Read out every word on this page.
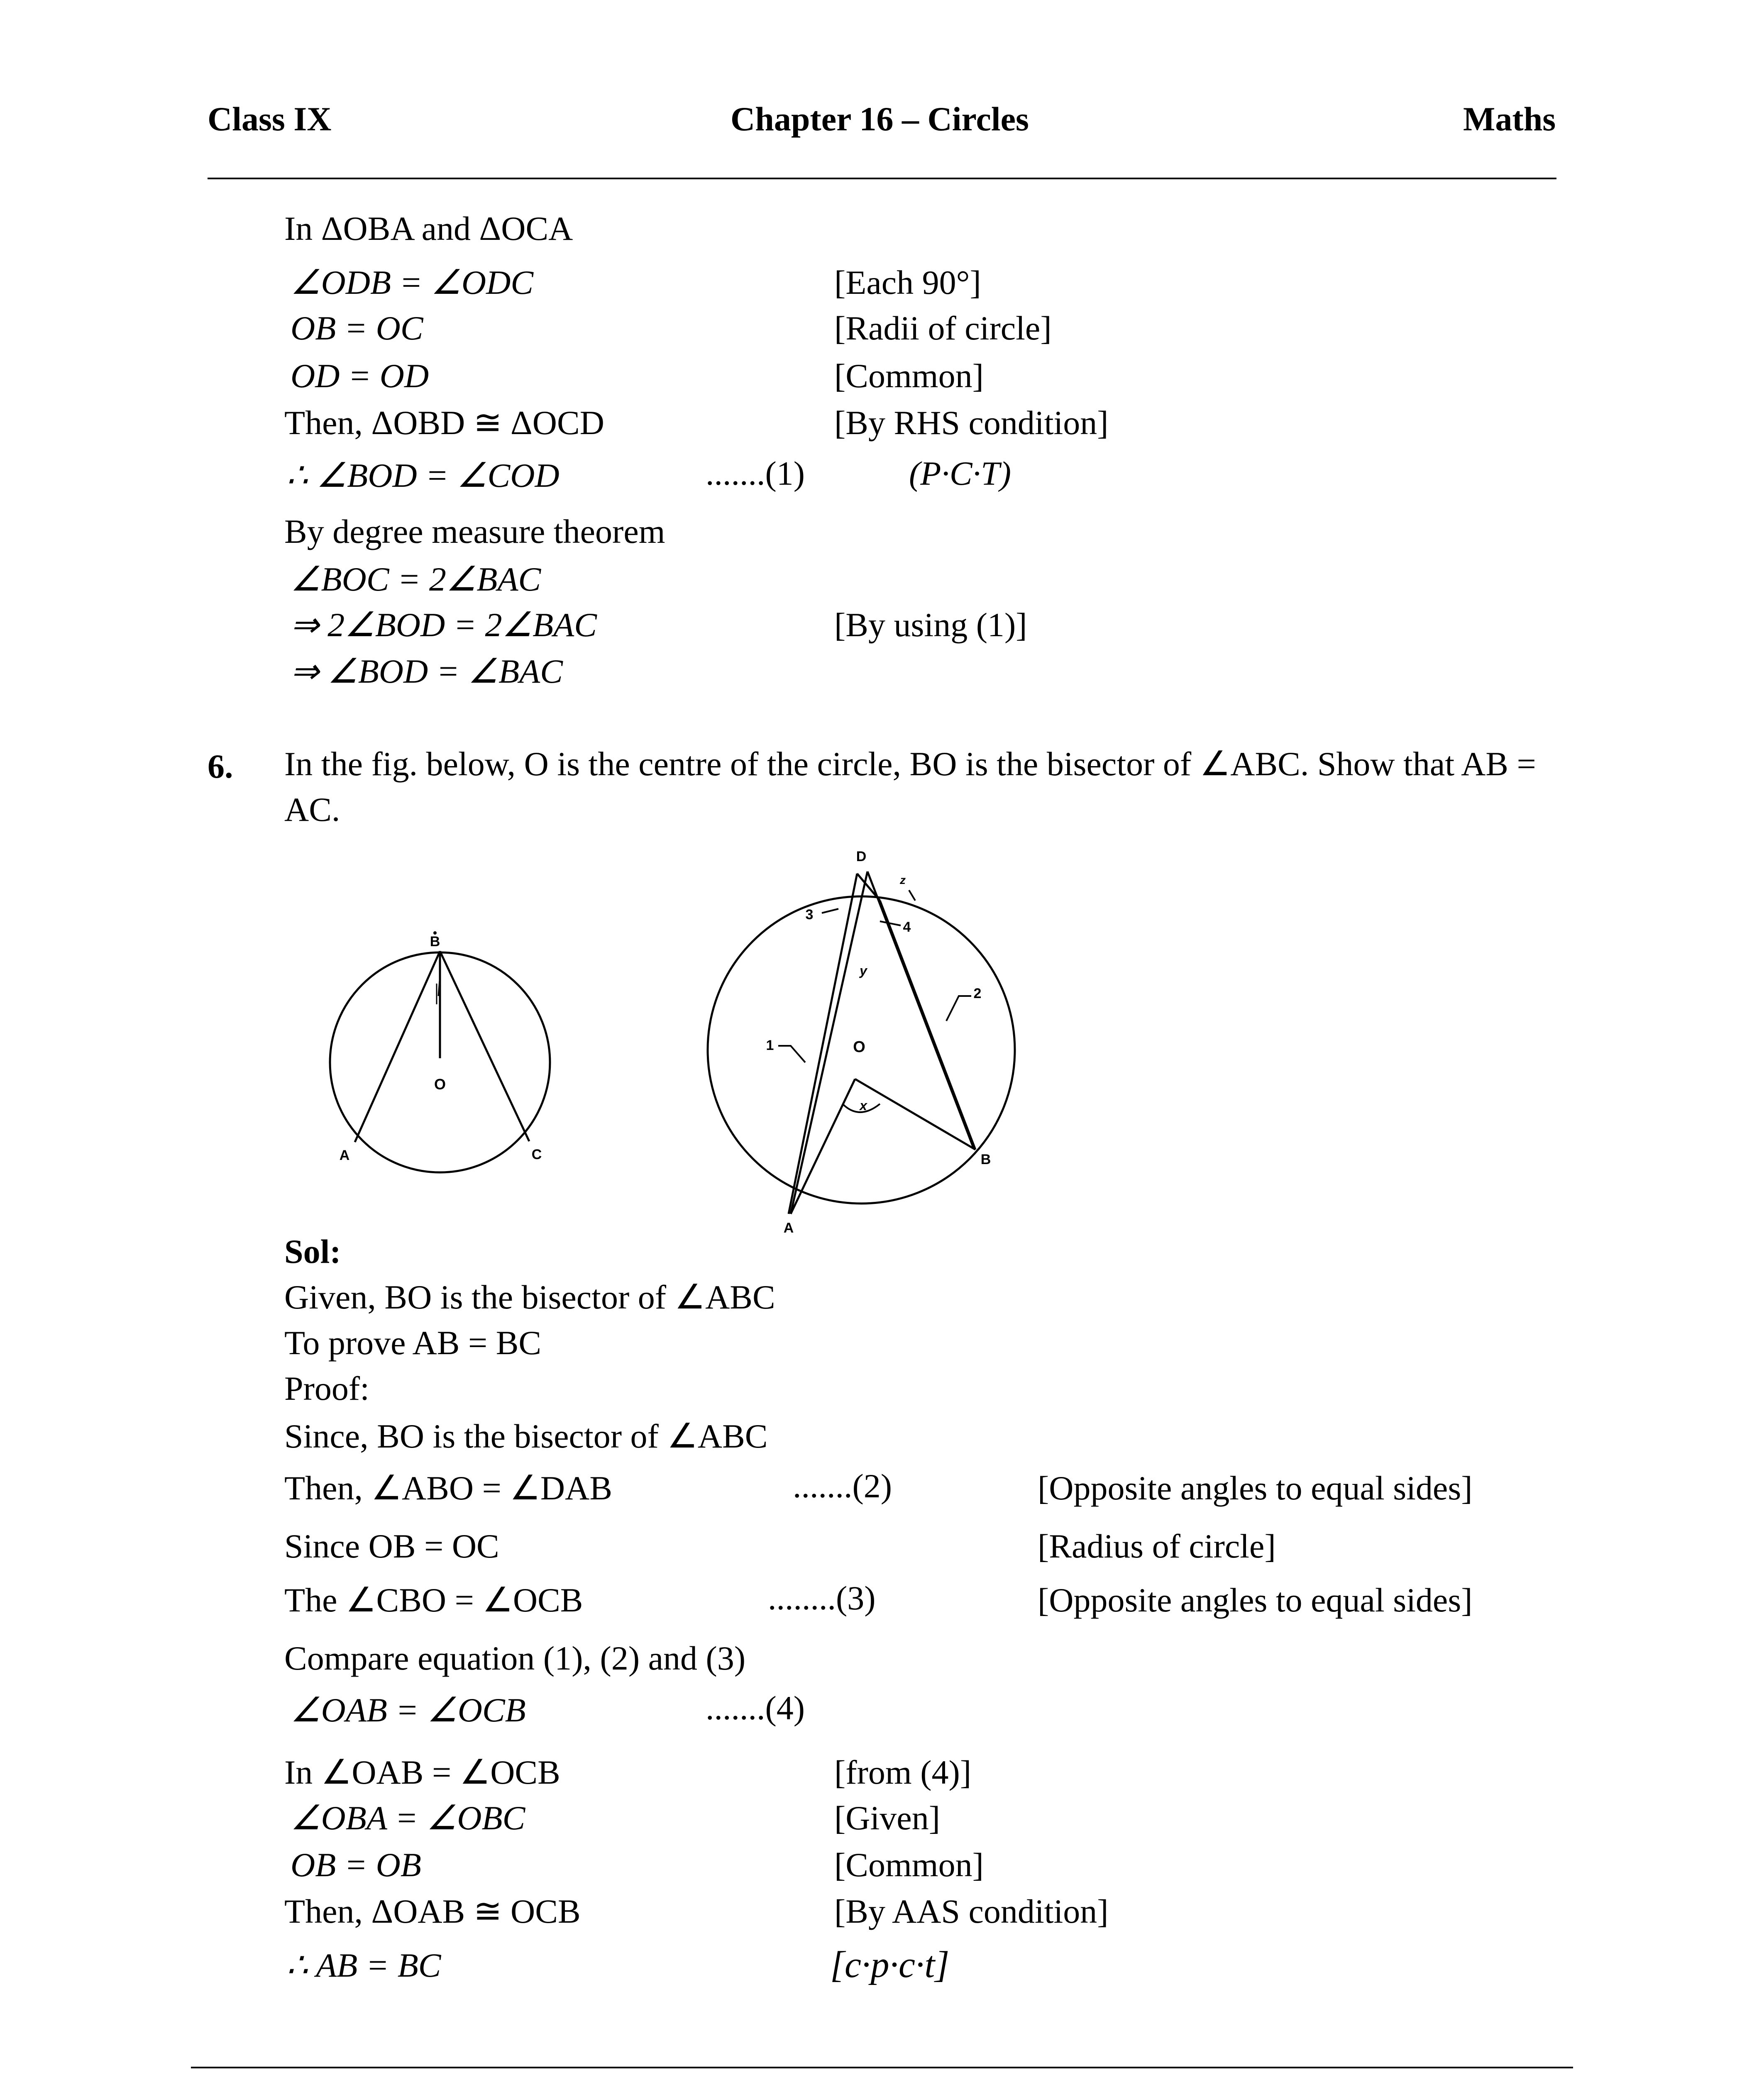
Class IX	Chapter 16 – Circles	Maths
In ΔOBA and ΔOCA
∠ODB = ∠ODC	[Each 90°]
OB = OC	[Radii of circle]
OD = OD	[Common]
Then, ΔOBD ≅ ΔOCD	[By RHS condition]
∴ ∠BOD = ∠COD	.......(1)	(P·C·T)
By degree measure theorem
∠BOC = 2∠BAC
⇒ 2∠BOD = 2∠BAC	[By using (1)]
⇒ ∠BOD = ∠BAC
6. In the fig. below, O is the centre of the circle, BO is the bisector of ∠ABC. Show that AB =
AC.
B
O
A	C
D
z
3
4
y
2
1	O
x
B
A
Sol:
Given, BO is the bisector of ∠ABC
To prove AB = BC
Proof:
Since, BO is the bisector of ∠ABC
Then, ∠ABO = ∠DAB	.......(2)	[Opposite angles to equal sides]
Since OB = OC	[Radius of circle]
The ∠CBO = ∠OCB	........(3)	[Opposite angles to equal sides]
Compare equation (1), (2) and (3)
∠OAB = ∠OCB	.......(4)
In ∠OAB = ∠OCB	[from (4)]
∠OBA = ∠OBC	[Given]
OB = OB	[Common]
Then, ΔOAB ≅ OCB	[By AAS condition]
∴ AB = BC	[c·p·c·t]
